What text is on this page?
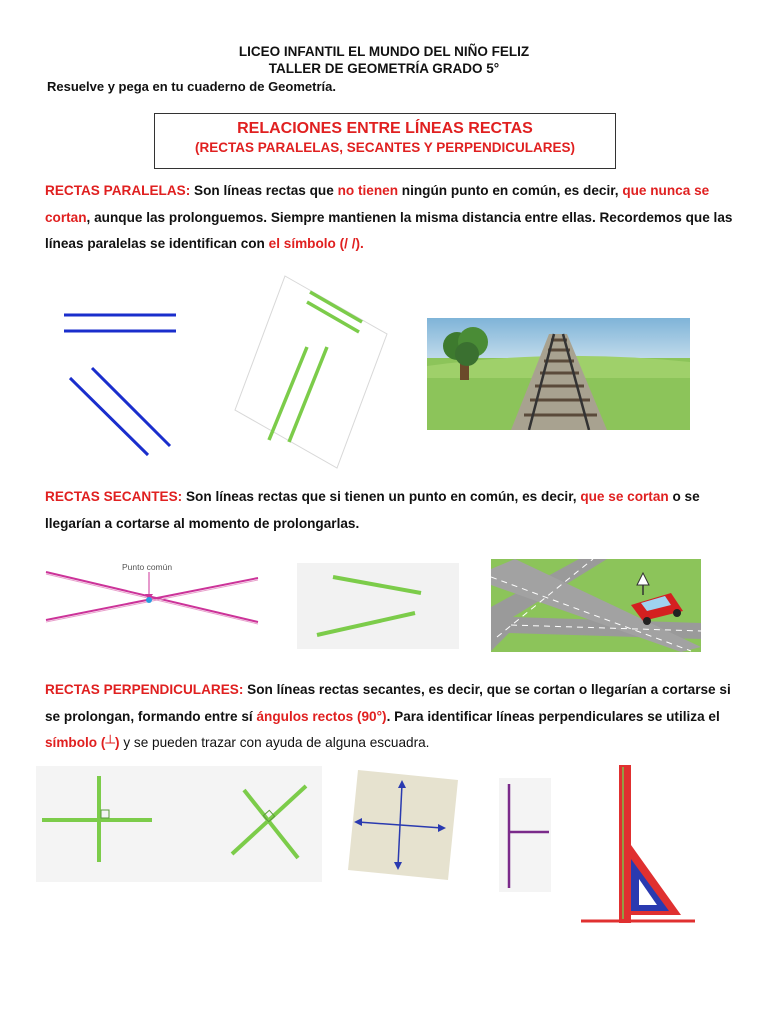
LICEO INFANTIL EL MUNDO DEL NIÑO FELIZ
TALLER DE GEOMETRÍA GRADO 5°
Resuelve y pega en tu cuaderno de Geometría.
RELACIONES ENTRE LÍNEAS RECTAS
(RECTAS PARALELAS, SECANTES Y PERPENDICULARES)
RECTAS PARALELAS: Son líneas rectas que no tienen ningún punto en común, es decir, que nunca se cortan, aunque las prolonguemos. Siempre mantienen la misma distancia entre ellas. Recordemos que las líneas paralelas se identifican con el símbolo (/ /).
RECTAS SECANTES: Son líneas rectas que si tienen un punto en común, es decir, que se cortan o se llegarían a cortarse al momento de prolongarlas.
Punto común
RECTAS PERPENDICULARES: Son líneas rectas secantes, es decir, que se cortan o llegarían a cortarse si se prolongan, formando entre sí ángulos rectos (90°). Para identificar líneas perpendiculares se utiliza el símbolo (┴) y se pueden trazar con ayuda de alguna escuadra.
